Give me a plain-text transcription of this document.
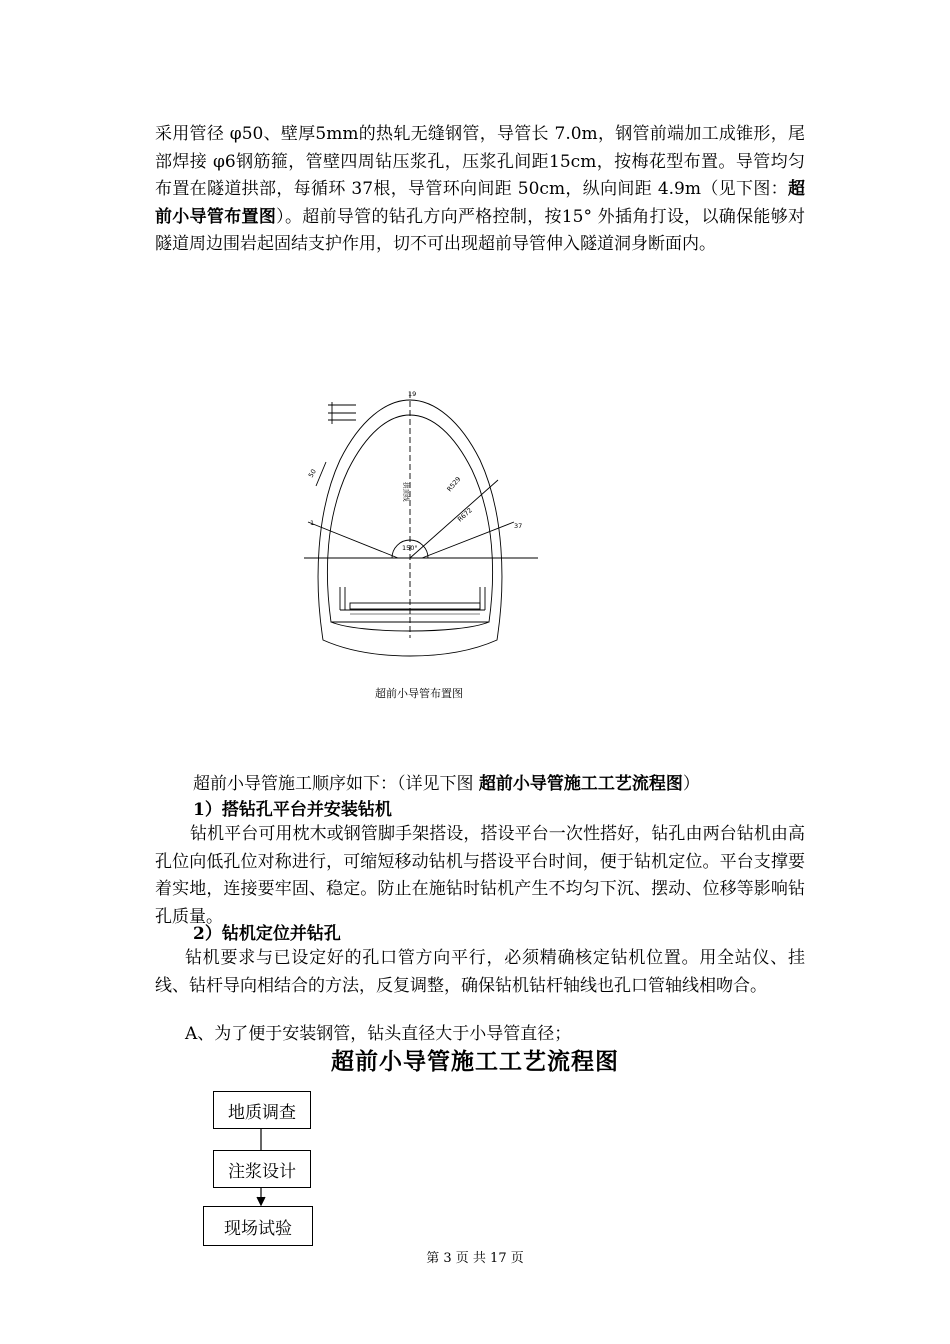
采用管径 φ50、壁厚5mm的热轧无缝钢管，导管长 7.0m，钢管前端加工成锥形，尾部焊接 φ6钢筋箍，管壁四周钻压浆孔，压浆孔间距15cm，按梅花型布置。导管均匀布置在隧道拱部，每循环 37根，导管环向间距 50cm，纵向间距 4.9m（见下图：超前小导管布置图）。超前导管的钻孔方向严格控制，按15° 外插角打设，以确保能够对隧道周边围岩起固结支护作用，切不可出现超前导管伸入隧道洞身断面内。

19
拱顶线	R529
R672
150°
1	37
50
超前小导管布置图
超前小导管施工顺序如下：（详见下图 超前小导管施工工艺流程图）
1）搭钻孔平台并安装钻机

钻机平台可用枕木或钢管脚手架搭设，搭设平台一次性搭好，钻孔由两台钻机由高孔位向低孔位对称进行，可缩短移动钻机与搭设平台时间，便于钻机定位。平台支撑要着实地，连接要牢固、稳定。防止在施钻时钻机产生不均匀下沉、摆动、位移等影响钻孔质量。

2）钻机定位并钻孔

钻机要求与已设定好的孔口管方向平行，必须精确核定钻机位置。用全站仪、挂线、钻杆导向相结合的方法，反复调整，确保钻机钻杆轴线也孔口管轴线相吻合。

A、为了便于安装钢管，钻头直径大于小导管直径；
超前小导管施工工艺流程图
地质调查
注浆设计
现场试验
第 3 页 共 17 页
